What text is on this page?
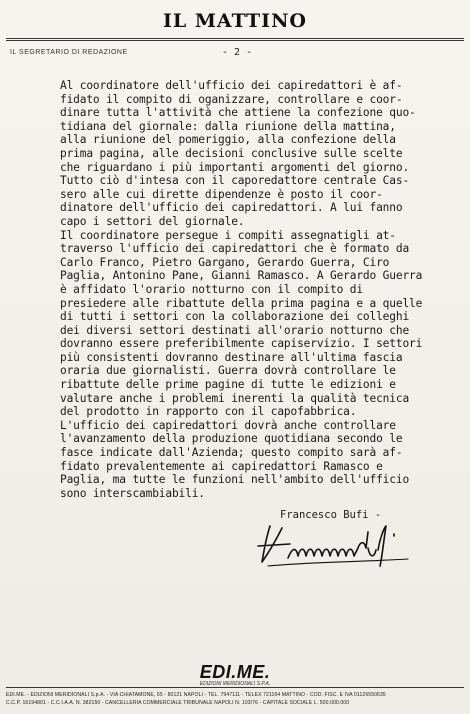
IL MATTINO
IL SEGRETARIO DI REDAZIONE	- 2 -
Al coordinatore dell'ufficio dei capiredattori è af-
fidato il compito di oganizzare, controllare e coor-
dinare tutta l'attività che attiene la confezione quo-
tidiana del giornale: dalla riunione della mattina,
alla riunione del pomeriggio, alla confezione della
prima pagina, alle decisioni conclusive sulle scelte
che riguardano i più importanti argomenti del giorno.
Tutto ciò d'intesa con il caporedattore centrale Cas-
sero alle cui dirette dipendenze è posto il coor-
dinatore dell'ufficio dei capiredattori. A lui fanno
capo i settori del giornale.
Il coordinatore persegue i compiti assegnatigli at-
traverso l'ufficio dei capiredattori che è formato da
Carlo Franco, Pietro Gargano, Gerardo Guerra, Ciro
Paglia, Antonino Pane, Gianni Ramasco. A Gerardo Guerra
è affidato l'orario notturno con il compito di
presiedere alle ribattute della prima pagina e a quelle
di tutti i settori con la collaborazione dei colleghi
dei diversi settori destinati all'orario notturno che
dovranno essere preferibilmente capiservizio. I settori
più consistenti dovranno destinare all'ultima fascia
oraria due giornalisti. Guerra dovrà controllare le
ribattute delle prime pagine di tutte le edizioni e
valutare anche i problemi inerenti la qualità tecnica
del prodotto in rapporto con il capofabbrica.
L'ufficio dei capiredattori dovrà anche controllare
l'avanzamento della produzione quotidiana secondo le
fasce indicate dall'Azienda; questo compito sarà af-
fidato prevalentemente ai capiredattori Ramasco e
Paglia, ma tutte le funzioni nell'ambito dell'ufficio
sono interscambiabili.
Francesco Bufi -
EDI.ME.
EDIZIONI MERIDIONALI S.P.A.
EDI.ME. - EDIZIONI MERIDIONALI S.p.A. - VIA CHIATAMONE, 65 - 80121 NAPOLI - TEL. 7947111 - TELEX 721164 MATTINO - COD. FISC. E IVA 01126550635
C.C.P. 16194801 - C.C.I.A.A. N. 382150 - CANCELLERIA COMMERCIALE TRIBUNALE NAPOLI N. 103/76 - CAPITALE SOCIALE L. 500.000.000
